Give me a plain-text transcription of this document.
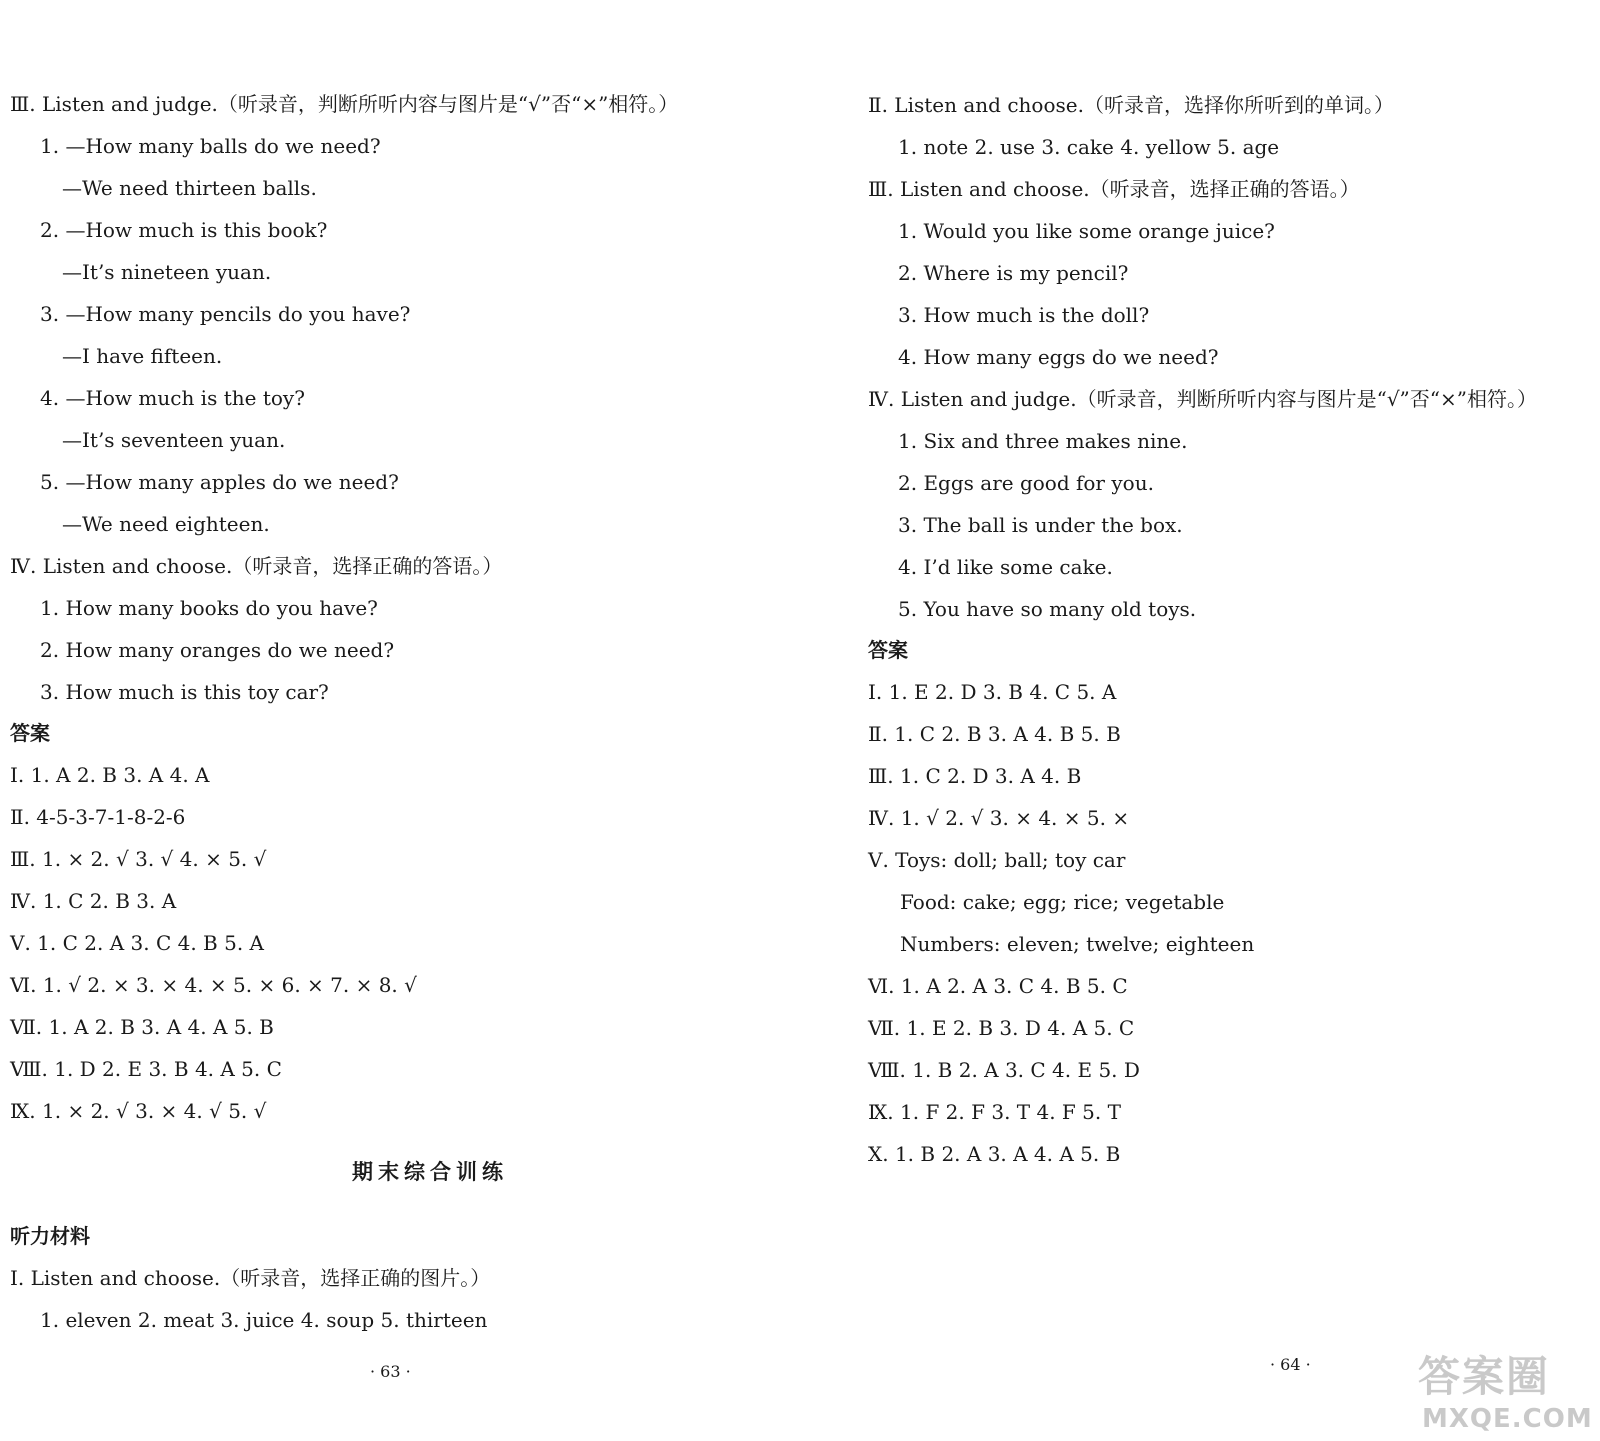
Ⅲ. Listen and judge.（听录音，判断所听内容与图片是“√”否“×”相符。）
1. —How many balls do we need?
—We need thirteen balls.
2. —How much is this book?
—It’s nineteen yuan.
3. —How many pencils do you have?
—I have fifteen.
4. —How much is the toy?
—It’s seventeen yuan.
5. —How many apples do we need?
—We need eighteen.
Ⅳ. Listen and choose.（听录音，选择正确的答语。）
1. How many books do you have?
2. How many oranges do we need?
3. How much is this toy car?
答案
Ⅰ. 1. A 2. B 3. A 4. A
Ⅱ. 4-5-3-7-1-8-2-6
Ⅲ. 1. × 2. √ 3. √ 4. × 5. √
Ⅳ. 1. C 2. B 3. A
Ⅴ. 1. C 2. A 3. C 4. B 5. A
Ⅵ. 1. √ 2. × 3. × 4. × 5. × 6. × 7. × 8. √
Ⅶ. 1. A 2. B 3. A 4. A 5. B
Ⅷ. 1. D 2. E 3. B 4. A 5. C
Ⅸ. 1. × 2. √ 3. × 4. √ 5. √
期末综合训练
听力材料
Ⅰ. Listen and choose.（听录音，选择正确的图片。）
1. eleven 2. meat 3. juice 4. soup 5. thirteen
· 63 ·
Ⅱ. Listen and choose.（听录音，选择你所听到的单词。）
1. note 2. use 3. cake 4. yellow 5. age
Ⅲ. Listen and choose.（听录音，选择正确的答语。）
1. Would you like some orange juice?
2. Where is my pencil?
3. How much is the doll?
4. How many eggs do we need?
Ⅳ. Listen and judge.（听录音，判断所听内容与图片是“√”否“×”相符。）
1. Six and three makes nine.
2. Eggs are good for you.
3. The ball is under the box.
4. I’d like some cake.
5. You have so many old toys.
答案
Ⅰ. 1. E 2. D 3. B 4. C 5. A
Ⅱ. 1. C 2. B 3. A 4. B 5. B
Ⅲ. 1. C 2. D 3. A 4. B
Ⅳ. 1. √ 2. √ 3. × 4. × 5. ×
Ⅴ. Toys: doll; ball; toy car
Food: cake; egg; rice; vegetable
Numbers: eleven; twelve; eighteen
Ⅵ. 1. A 2. A 3. C 4. B 5. C
Ⅶ. 1. E 2. B 3. D 4. A 5. C
Ⅷ. 1. B 2. A 3. C 4. E 5. D
Ⅸ. 1. F 2. F 3. T 4. F 5. T
Ⅹ. 1. B 2. A 3. A 4. A 5. B
· 64 ·	答案圈
MXQE.COM
